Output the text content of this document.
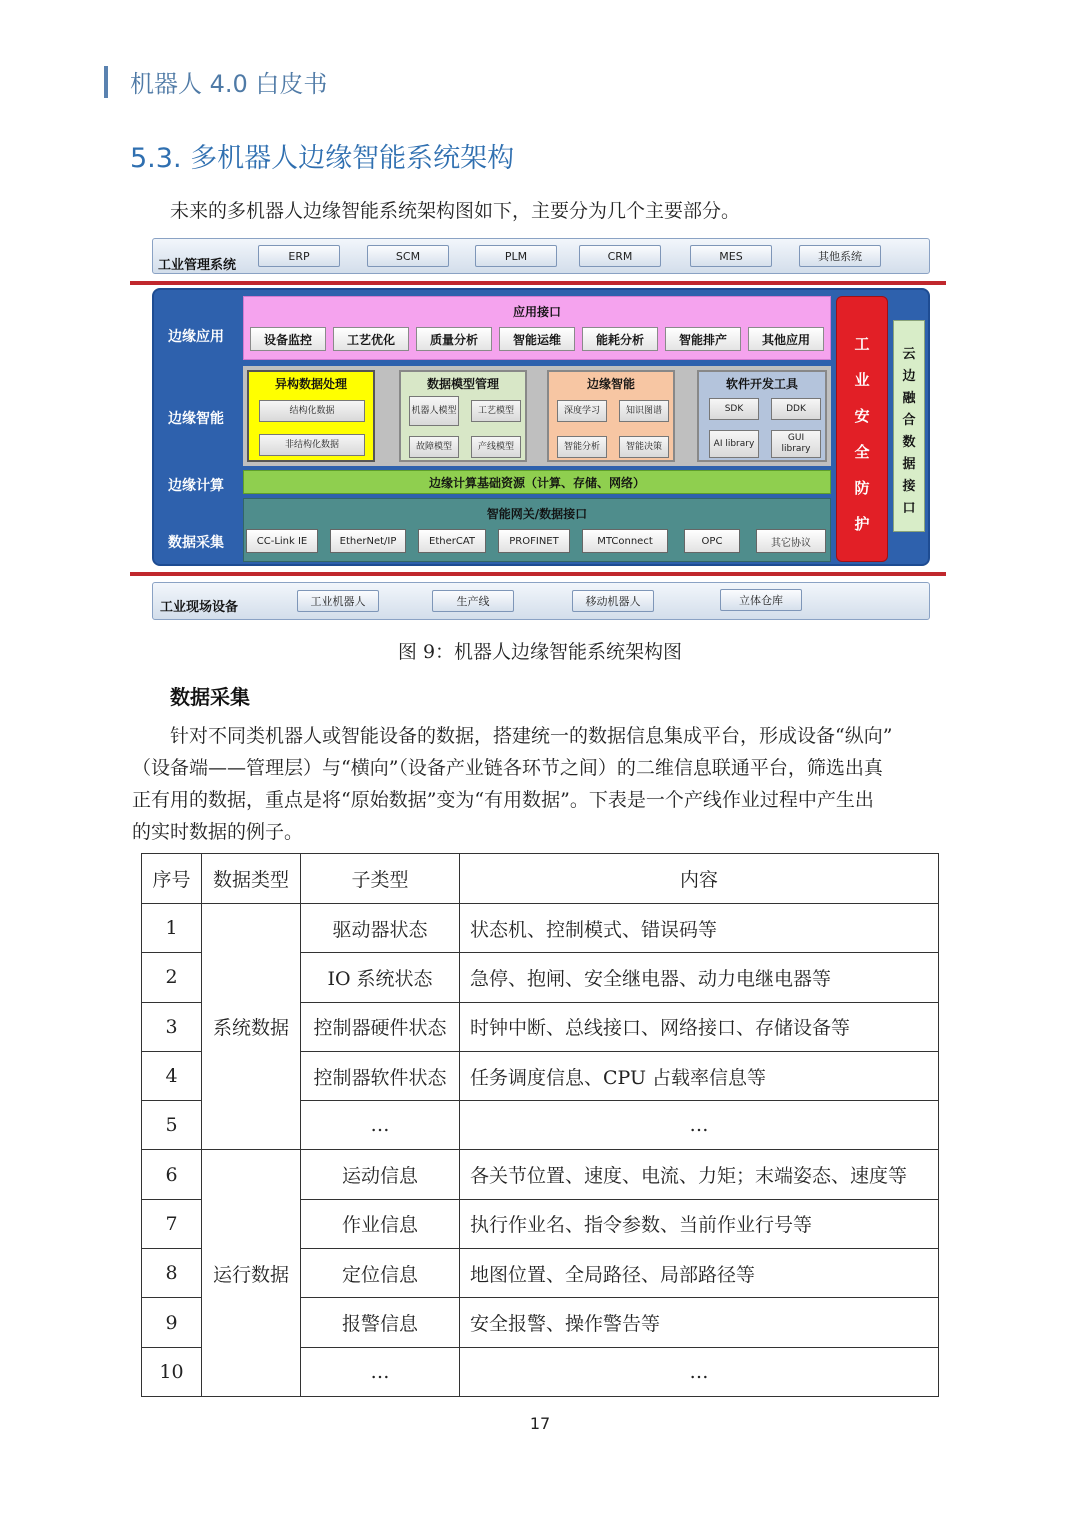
机器人 4.0 白皮书
5.3. 多机器人边缘智能系统架构
未来的多机器人边缘智能系统架构图如下，主要分为几个主要部分。
工业管理系统
ERP	SCM	PLM	CRM	MES	其他系统
边缘应用
边缘智能
边缘计算
数据采集
应用接口
设备监控	工艺优化	质量分析	智能运维	能耗分析	智能排产	其他应用
异构数据处理
结构化数据
非结构化数据
数据模型管理
机器人模型	工艺模型
故障模型	产线模型
边缘智能
深度学习	知识图谱
智能分析	智能决策
软件开发工具
SDK	DDK
AI library
GUI library
边缘计算基础资源（计算、存储、网络）
智能网关/数据接口
CC-Link IE	EtherNet/IP	EtherCAT	PROFINET	MTConnect	OPC	其它协议
工
业
安
全
防
护
云
边
融
合
数
据
接
口
工业现场设备	工业机器人	生产线	移动机器人	立体仓库
图 9：机器人边缘智能系统架构图
数据采集
针对不同类机器人或智能设备的数据，搭建统一的数据信息集成平台，形成设备“纵向”
（设备端——管理层）与“横向”（设备产业链各环节之间）的二维信息联通平台，筛选出真
正有用的数据，重点是将“原始数据”变为“有用数据”。下表是一个产线作业过程中产生出
的实时数据的例子。
序号	数据类型	子类型	内容
1	系统数据	驱动器状态	状态机、控制模式、错误码等
2		IO 系统状态	急停、抱闸、安全继电器、动力电继电器等
3		控制器硬件状态	时钟中断、总线接口、网络接口、存储设备等
4		控制器软件状态	任务调度信息、CPU 占载率信息等
5		…	…
6	运行数据	运动信息	各关节位置、速度、电流、力矩；末端姿态、速度等
7		作业信息	执行作业名、指令参数、当前作业行号等
8		定位信息	地图位置、全局路径、局部路径等
9		报警信息	安全报警、操作警告等
10		…	…
17
